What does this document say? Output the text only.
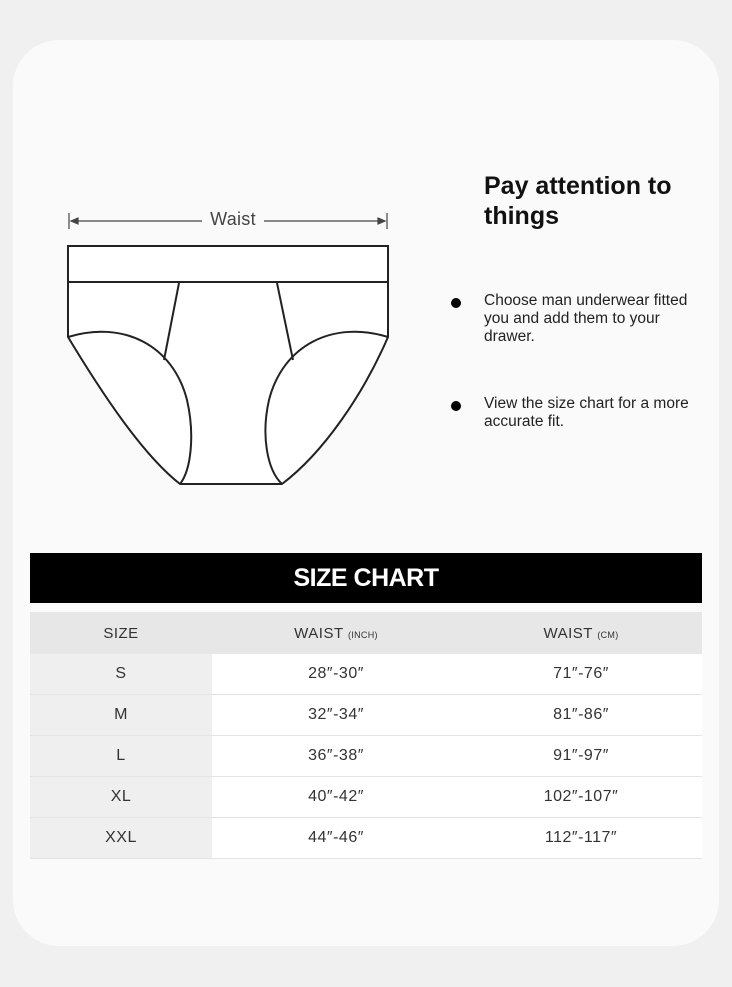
Waist
Pay attention to things
Choose man underwear fitted you and add them to your drawer.
View the size chart for a more accurate fit.
SIZE CHART
SIZE	WAIST (INCH)	WAIST (CM)
S	28″-30″	71″-76″
M	32″-34″	81″-86″
L	36″-38″	91″-97″
XL	40″-42″	102″-107″
XXL	44″-46″	112″-117″
